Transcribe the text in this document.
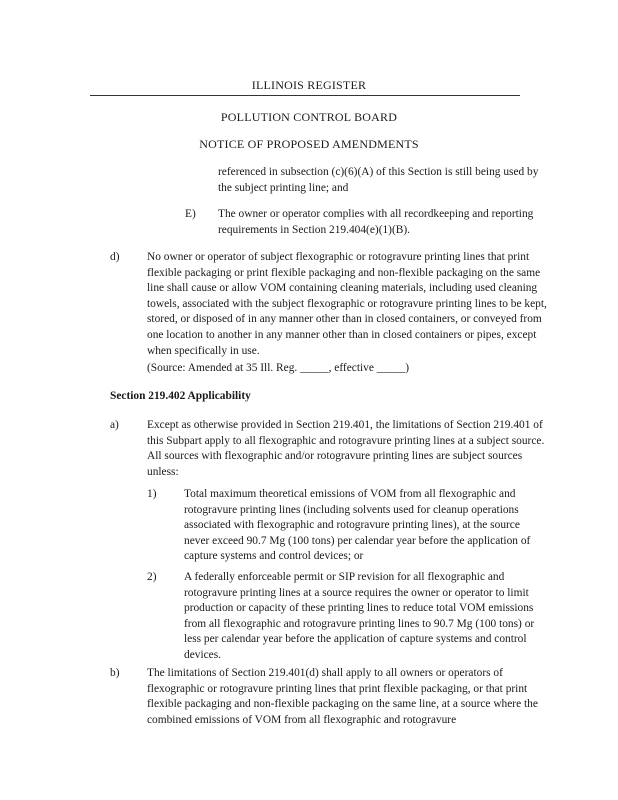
ILLINOIS REGISTER

POLLUTION CONTROL BOARD

NOTICE OF PROPOSED AMENDMENTS

referenced in subsection (c)(6)(A) of this Section is still being used by the subject printing line; and

E) The owner or operator complies with all recordkeeping and reporting requirements in Section 219.404(e)(1)(B).

d) No owner or operator of subject flexographic or rotogravure printing lines that print flexible packaging or print flexible packaging and non-flexible packaging on the same line shall cause or allow VOM containing cleaning materials, including used cleaning towels, associated with the subject flexographic or rotogravure printing lines to be kept, stored, or disposed of in any manner other than in closed containers, or conveyed from one location to another in any manner other than in closed containers or pipes, except when specifically in use.

(Source: Amended at 35 Ill. Reg. _____, effective _____)

Section 219.402 Applicability

a) Except as otherwise provided in Section 219.401, the limitations of Section 219.401 of this Subpart apply to all flexographic and rotogravure printing lines at a subject source. All sources with flexographic and/or rotogravure printing lines are subject sources unless:

1) Total maximum theoretical emissions of VOM from all flexographic and rotogravure printing lines (including solvents used for cleanup operations associated with flexographic and rotogravure printing lines), at the source never exceed 90.7 Mg (100 tons) per calendar year before the application of capture systems and control devices; or

2) A federally enforceable permit or SIP revision for all flexographic and rotogravure printing lines at a source requires the owner or operator to limit production or capacity of these printing lines to reduce total VOM emissions from all flexographic and rotogravure printing lines to 90.7 Mg (100 tons) or less per calendar year before the application of capture systems and control devices.

b) The limitations of Section 219.401(d) shall apply to all owners or operators of flexographic or rotogravure printing lines that print flexible packaging, or that print flexible packaging and non-flexible packaging on the same line, at a source where the combined emissions of VOM from all flexographic and rotogravure
